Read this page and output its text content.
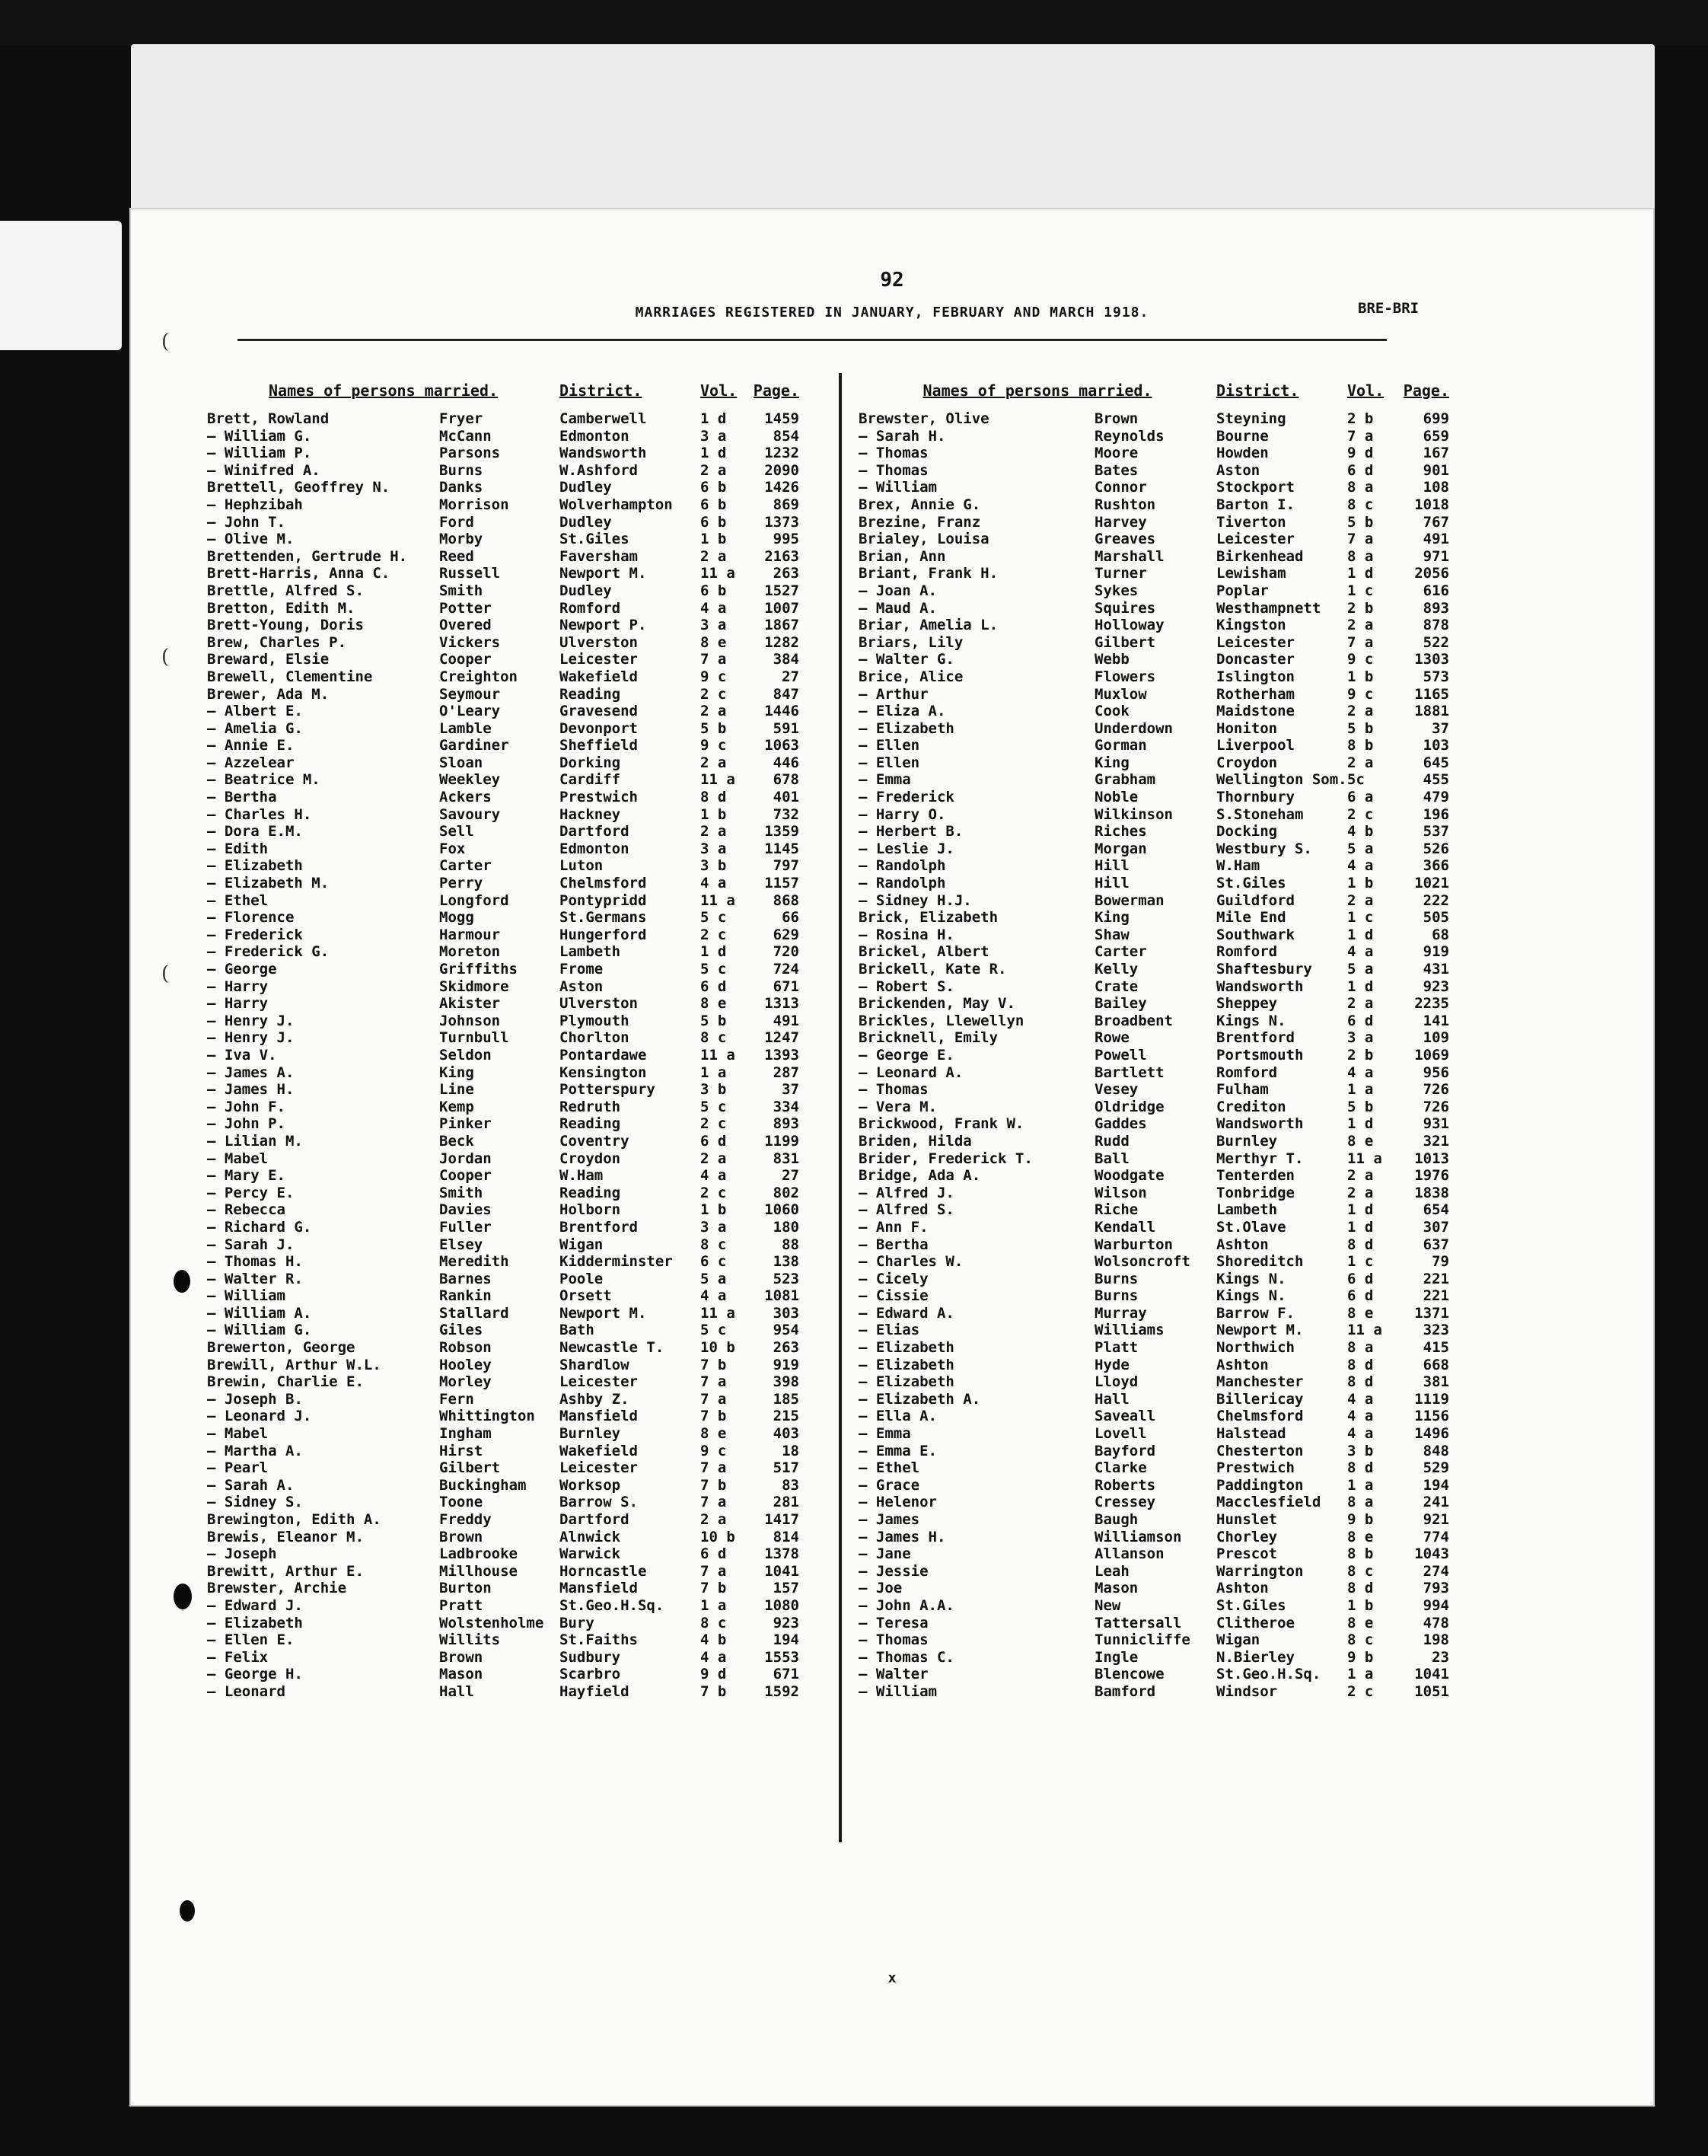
92
MARRIAGES REGISTERED IN JANUARY, FEBRUARY AND MARCH 1918.	BRE-BRI
Names of persons married.	District.	Vol.	Page.
Brett, Rowland	Fryer	Camberwell	1 d	1459
— William G.	McCann	Edmonton	3 a	854
— William P.	Parsons	Wandsworth	1 d	1232
— Winifred A.	Burns	W.Ashford	2 a	2090
Brettell, Geoffrey N.	Danks	Dudley	6 b	1426
— Hephzibah	Morrison	Wolverhampton	6 b	869
— John T.	Ford	Dudley	6 b	1373
— Olive M.	Morby	St.Giles	1 b	995
Brettenden, Gertrude H.	Reed	Faversham	2 a	2163
Brett-Harris, Anna C.	Russell	Newport M.	11 a	263
Brettle, Alfred S.	Smith	Dudley	6 b	1527
Bretton, Edith M.	Potter	Romford	4 a	1007
Brett-Young, Doris	Overed	Newport P.	3 a	1867
Brew, Charles P.	Vickers	Ulverston	8 e	1282
Breward, Elsie	Cooper	Leicester	7 a	384
Brewell, Clementine	Creighton	Wakefield	9 c	27
Brewer, Ada M.	Seymour	Reading	2 c	847
— Albert E.	O'Leary	Gravesend	2 a	1446
— Amelia G.	Lamble	Devonport	5 b	591
— Annie E.	Gardiner	Sheffield	9 c	1063
— Azzelear	Sloan	Dorking	2 a	446
— Beatrice M.	Weekley	Cardiff	11 a	678
— Bertha	Ackers	Prestwich	8 d	401
— Charles H.	Savoury	Hackney	1 b	732
— Dora E.M.	Sell	Dartford	2 a	1359
— Edith	Fox	Edmonton	3 a	1145
— Elizabeth	Carter	Luton	3 b	797
— Elizabeth M.	Perry	Chelmsford	4 a	1157
— Ethel	Longford	Pontypridd	11 a	868
— Florence	Mogg	St.Germans	5 c	66
— Frederick	Harmour	Hungerford	2 c	629
— Frederick G.	Moreton	Lambeth	1 d	720
— George	Griffiths	Frome	5 c	724
— Harry	Skidmore	Aston	6 d	671
— Harry	Akister	Ulverston	8 e	1313
— Henry J.	Johnson	Plymouth	5 b	491
— Henry J.	Turnbull	Chorlton	8 c	1247
— Iva V.	Seldon	Pontardawe	11 a	1393
— James A.	King	Kensington	1 a	287
— James H.	Line	Potterspury	3 b	37
— John F.	Kemp	Redruth	5 c	334
— John P.	Pinker	Reading	2 c	893
— Lilian M.	Beck	Coventry	6 d	1199
— Mabel	Jordan	Croydon	2 a	831
— Mary E.	Cooper	W.Ham	4 a	27
— Percy E.	Smith	Reading	2 c	802
— Rebecca	Davies	Holborn	1 b	1060
— Richard G.	Fuller	Brentford	3 a	180
— Sarah J.	Elsey	Wigan	8 c	88
— Thomas H.	Meredith	Kidderminster	6 c	138
— Walter R.	Barnes	Poole	5 a	523
— William	Rankin	Orsett	4 a	1081
— William A.	Stallard	Newport M.	11 a	303
— William G.	Giles	Bath	5 c	954
Brewerton, George	Robson	Newcastle T.	10 b	263
Brewill, Arthur W.L.	Hooley	Shardlow	7 b	919
Brewin, Charlie E.	Morley	Leicester	7 a	398
— Joseph B.	Fern	Ashby Z.	7 a	185
— Leonard J.	Whittington	Mansfield	7 b	215
— Mabel	Ingham	Burnley	8 e	403
— Martha A.	Hirst	Wakefield	9 c	18
— Pearl	Gilbert	Leicester	7 a	517
— Sarah A.	Buckingham	Worksop	7 b	83
— Sidney S.	Toone	Barrow S.	7 a	281
Brewington, Edith A.	Freddy	Dartford	2 a	1417
Brewis, Eleanor M.	Brown	Alnwick	10 b	814
— Joseph	Ladbrooke	Warwick	6 d	1378
Brewitt, Arthur E.	Millhouse	Horncastle	7 a	1041
Brewster, Archie	Burton	Mansfield	7 b	157
— Edward J.	Pratt	St.Geo.H.Sq.	1 a	1080
— Elizabeth	Wolstenholme	Bury	8 c	923
— Ellen E.	Willits	St.Faiths	4 b	194
— Felix	Brown	Sudbury	4 a	1553
— George H.	Mason	Scarbro	9 d	671
— Leonard	Hall	Hayfield	7 b	1592
Names of persons married.	District.	Vol.	Page.
Brewster, Olive	Brown	Steyning	2 b	699
— Sarah H.	Reynolds	Bourne	7 a	659
— Thomas	Moore	Howden	9 d	167
— Thomas	Bates	Aston	6 d	901
— William	Connor	Stockport	8 a	108
Brex, Annie G.	Rushton	Barton I.	8 c	1018
Brezine, Franz	Harvey	Tiverton	5 b	767
Brialey, Louisa	Greaves	Leicester	7 a	491
Brian, Ann	Marshall	Birkenhead	8 a	971
Briant, Frank H.	Turner	Lewisham	1 d	2056
— Joan A.	Sykes	Poplar	1 c	616
— Maud A.	Squires	Westhampnett	2 b	893
Briar, Amelia L.	Holloway	Kingston	2 a	878
Briars, Lily	Gilbert	Leicester	7 a	522
— Walter G.	Webb	Doncaster	9 c	1303
Brice, Alice	Flowers	Islington	1 b	573
— Arthur	Muxlow	Rotherham	9 c	1165
— Eliza A.	Cook	Maidstone	2 a	1881
— Elizabeth	Underdown	Honiton	5 b	37
— Ellen	Gorman	Liverpool	8 b	103
— Ellen	King	Croydon	2 a	645
— Emma	Grabham	Wellington Som. 5c	455
— Frederick	Noble	Thornbury	6 a	479
— Harry O.	Wilkinson	S.Stoneham	2 c	196
— Herbert B.	Riches	Docking	4 b	537
— Leslie J.	Morgan	Westbury S.	5 a	526
— Randolph	Hill	W.Ham	4 a	366
— Randolph	Hill	St.Giles	1 b	1021
— Sidney H.J.	Bowerman	Guildford	2 a	222
Brick, Elizabeth	King	Mile End	1 c	505
— Rosina H.	Shaw	Southwark	1 d	68
Brickel, Albert	Carter	Romford	4 a	919
Brickell, Kate R.	Kelly	Shaftesbury	5 a	431
— Robert S.	Crate	Wandsworth	1 d	923
Brickenden, May V.	Bailey	Sheppey	2 a	2235
Brickles, Llewellyn	Broadbent	Kings N.	6 d	141
Bricknell, Emily	Rowe	Brentford	3 a	109
— George E.	Powell	Portsmouth	2 b	1069
— Leonard A.	Bartlett	Romford	4 a	956
— Thomas	Vesey	Fulham	1 a	726
— Vera M.	Oldridge	Crediton	5 b	726
Brickwood, Frank W.	Gaddes	Wandsworth	1 d	931
Briden, Hilda	Rudd	Burnley	8 e	321
Brider, Frederick T.	Ball	Merthyr T.	11 a	1013
Bridge, Ada A.	Woodgate	Tenterden	2 a	1976
— Alfred J.	Wilson	Tonbridge	2 a	1838
— Alfred S.	Riche	Lambeth	1 d	654
— Ann F.	Kendall	St.Olave	1 d	307
— Bertha	Warburton	Ashton	8 d	637
— Charles W.	Wolsoncroft	Shoreditch	1 c	79
— Cicely	Burns	Kings N.	6 d	221
— Cissie	Burns	Kings N.	6 d	221
— Edward A.	Murray	Barrow F.	8 e	1371
— Elias	Williams	Newport M.	11 a	323
— Elizabeth	Platt	Northwich	8 a	415
— Elizabeth	Hyde	Ashton	8 d	668
— Elizabeth	Lloyd	Manchester	8 d	381
— Elizabeth A.	Hall	Billericay	4 a	1119
— Ella A.	Saveall	Chelmsford	4 a	1156
— Emma	Lovell	Halstead	4 a	1496
— Emma E.	Bayford	Chesterton	3 b	848
— Ethel	Clarke	Prestwich	8 d	529
— Grace	Roberts	Paddington	1 a	194
— Helenor	Cressey	Macclesfield	8 a	241
— James	Baugh	Hunslet	9 b	921
— James H.	Williamson	Chorley	8 e	774
— Jane	Allanson	Prescot	8 b	1043
— Jessie	Leah	Warrington	8 c	274
— Joe	Mason	Ashton	8 d	793
— John A.A.	New	St.Giles	1 b	994
— Teresa	Tattersall	Clitheroe	8 e	478
— Thomas	Tunnicliffe	Wigan	8 c	198
— Thomas C.	Ingle	N.Bierley	9 b	23
— Walter	Blencowe	St.Geo.H.Sq.	1 a	1041
— William	Bamford	Windsor	2 c	1051
x
(
(
(
